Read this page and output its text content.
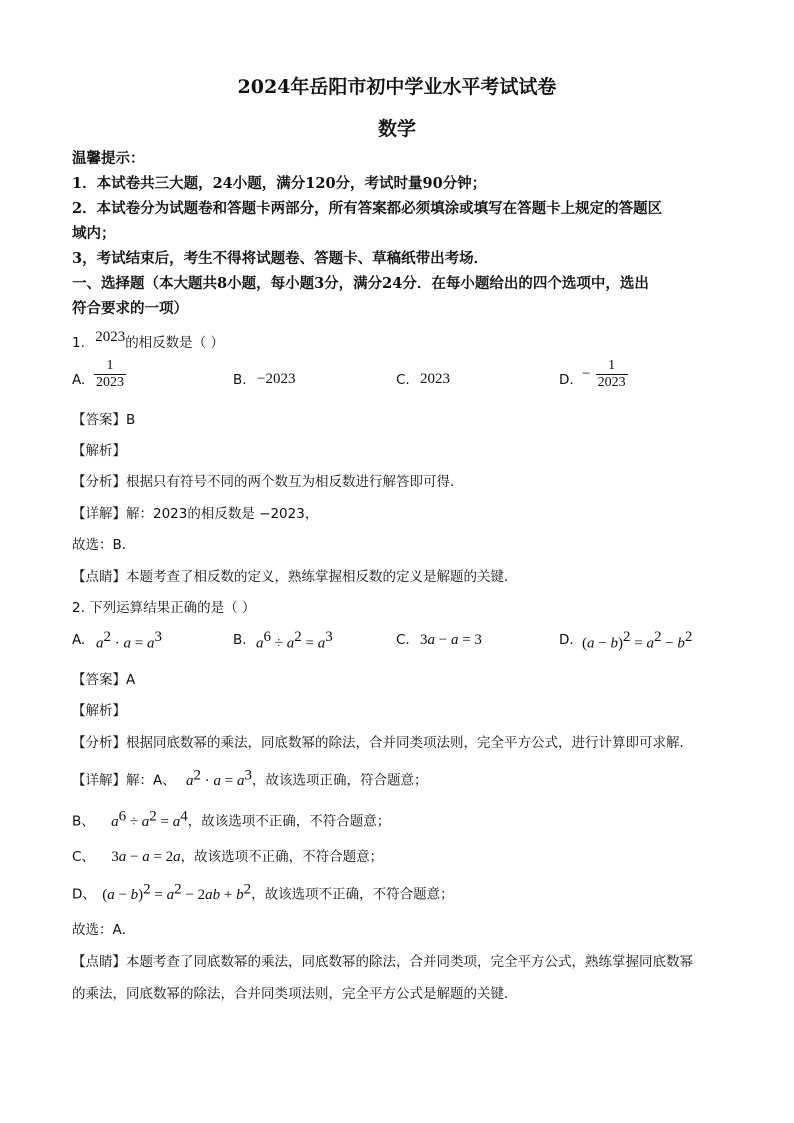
2024年岳阳市初中学业水平考试试卷
数学
温馨提示：
1．本试卷共三大题，24小题，满分120分，考试时量90分钟；
2．本试卷分为试题卷和答题卡两部分，所有答案都必须填涂或填写在答题卡上规定的答题区
域内；
3，考试结束后，考生不得将试题卷、答题卡、草稿纸带出考场．
一、选择题（本大题共8小题，每小题3分，满分24分．在每小题给出的四个选项中，选出
符合要求的一项）
1. 2023的相反数是（ ）
A. $\frac{1}{2023}$	B. −2023	C. 2023	D. − $\frac{1}{2023}$
【答案】B
【解析】
【分析】根据只有符号不同的两个数互为相反数进行解答即可得．
【详解】解：2023的相反数是 −2023，
故选：B．
【点睛】本题考查了相反数的定义，熟练掌握相反数的定义是解题的关键．
2. 下列运算结果正确的是（ ）
A. $a^2 \cdot a = a^3$	B. $a^6 \div a^2 = a^3$	C. 3a − a = 3	D. $(a - b)^2 = a^2 - b^2$
【答案】A
【解析】
【分析】根据同底数幂的乘法，同底数幂的除法，合并同类项法则，完全平方公式，进行计算即可求解．
【详解】解：A、 $a^2 \cdot a = a^3$，故该选项正确，符合题意；
B、 $a^6 \div a^2 = a^4$，故该选项不正确，不符合题意；
C、 3a − a = 2a，故该选项不正确，不符合题意；
D、 $(a - b)^2 = a^2 - 2ab + b^2$，故该选项不正确，不符合题意；
故选：A．
【点睛】本题考查了同底数幂的乘法，同底数幂的除法，合并同类项，完全平方公式，熟练掌握同底数幂
的乘法，同底数幂的除法，合并同类项法则，完全平方公式是解题的关键．
